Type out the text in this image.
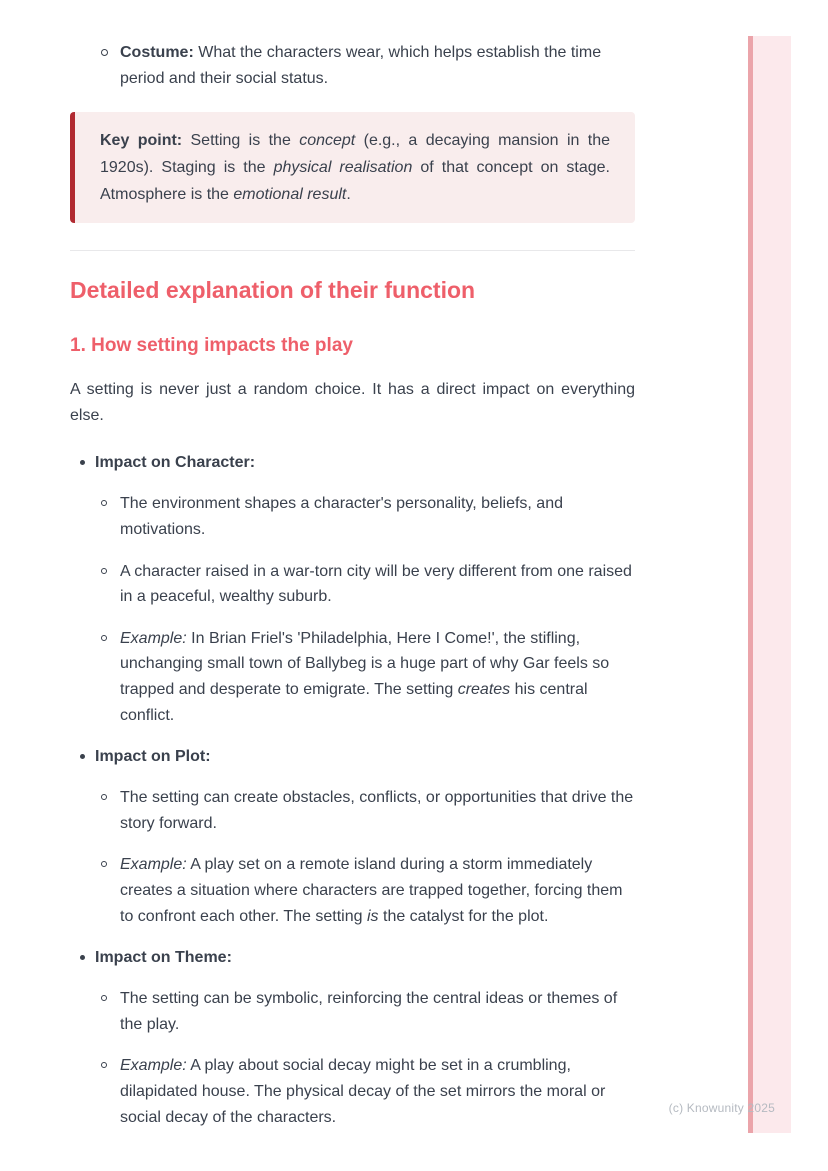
Costume: What the characters wear, which helps establish the time period and their social status.

Key point: Setting is the concept (e.g., a decaying mansion in the 1920s). Staging is the physical realisation of that concept on stage. Atmosphere is the emotional result.

Detailed explanation of their function
1. How setting impacts the play

A setting is never just a random choice. It has a direct impact on everything else.

Impact on Character:
The environment shapes a character's personality, beliefs, and motivations.
A character raised in a war-torn city will be very different from one raised in a peaceful, wealthy suburb.
Example: In Brian Friel's 'Philadelphia, Here I Come!', the stifling, unchanging small town of Ballybeg is a huge part of why Gar feels so trapped and desperate to emigrate. The setting creates his central conflict.
Impact on Plot:
The setting can create obstacles, conflicts, or opportunities that drive the story forward.
Example: A play set on a remote island during a storm immediately creates a situation where characters are trapped together, forcing them to confront each other. The setting is the catalyst for the plot.
Impact on Theme:
The setting can be symbolic, reinforcing the central ideas or themes of the play.
Example: A play about social decay might be set in a crumbling, dilapidated house. The physical decay of the set mirrors the moral or social decay of the characters.
(c) Knowunity 2025
